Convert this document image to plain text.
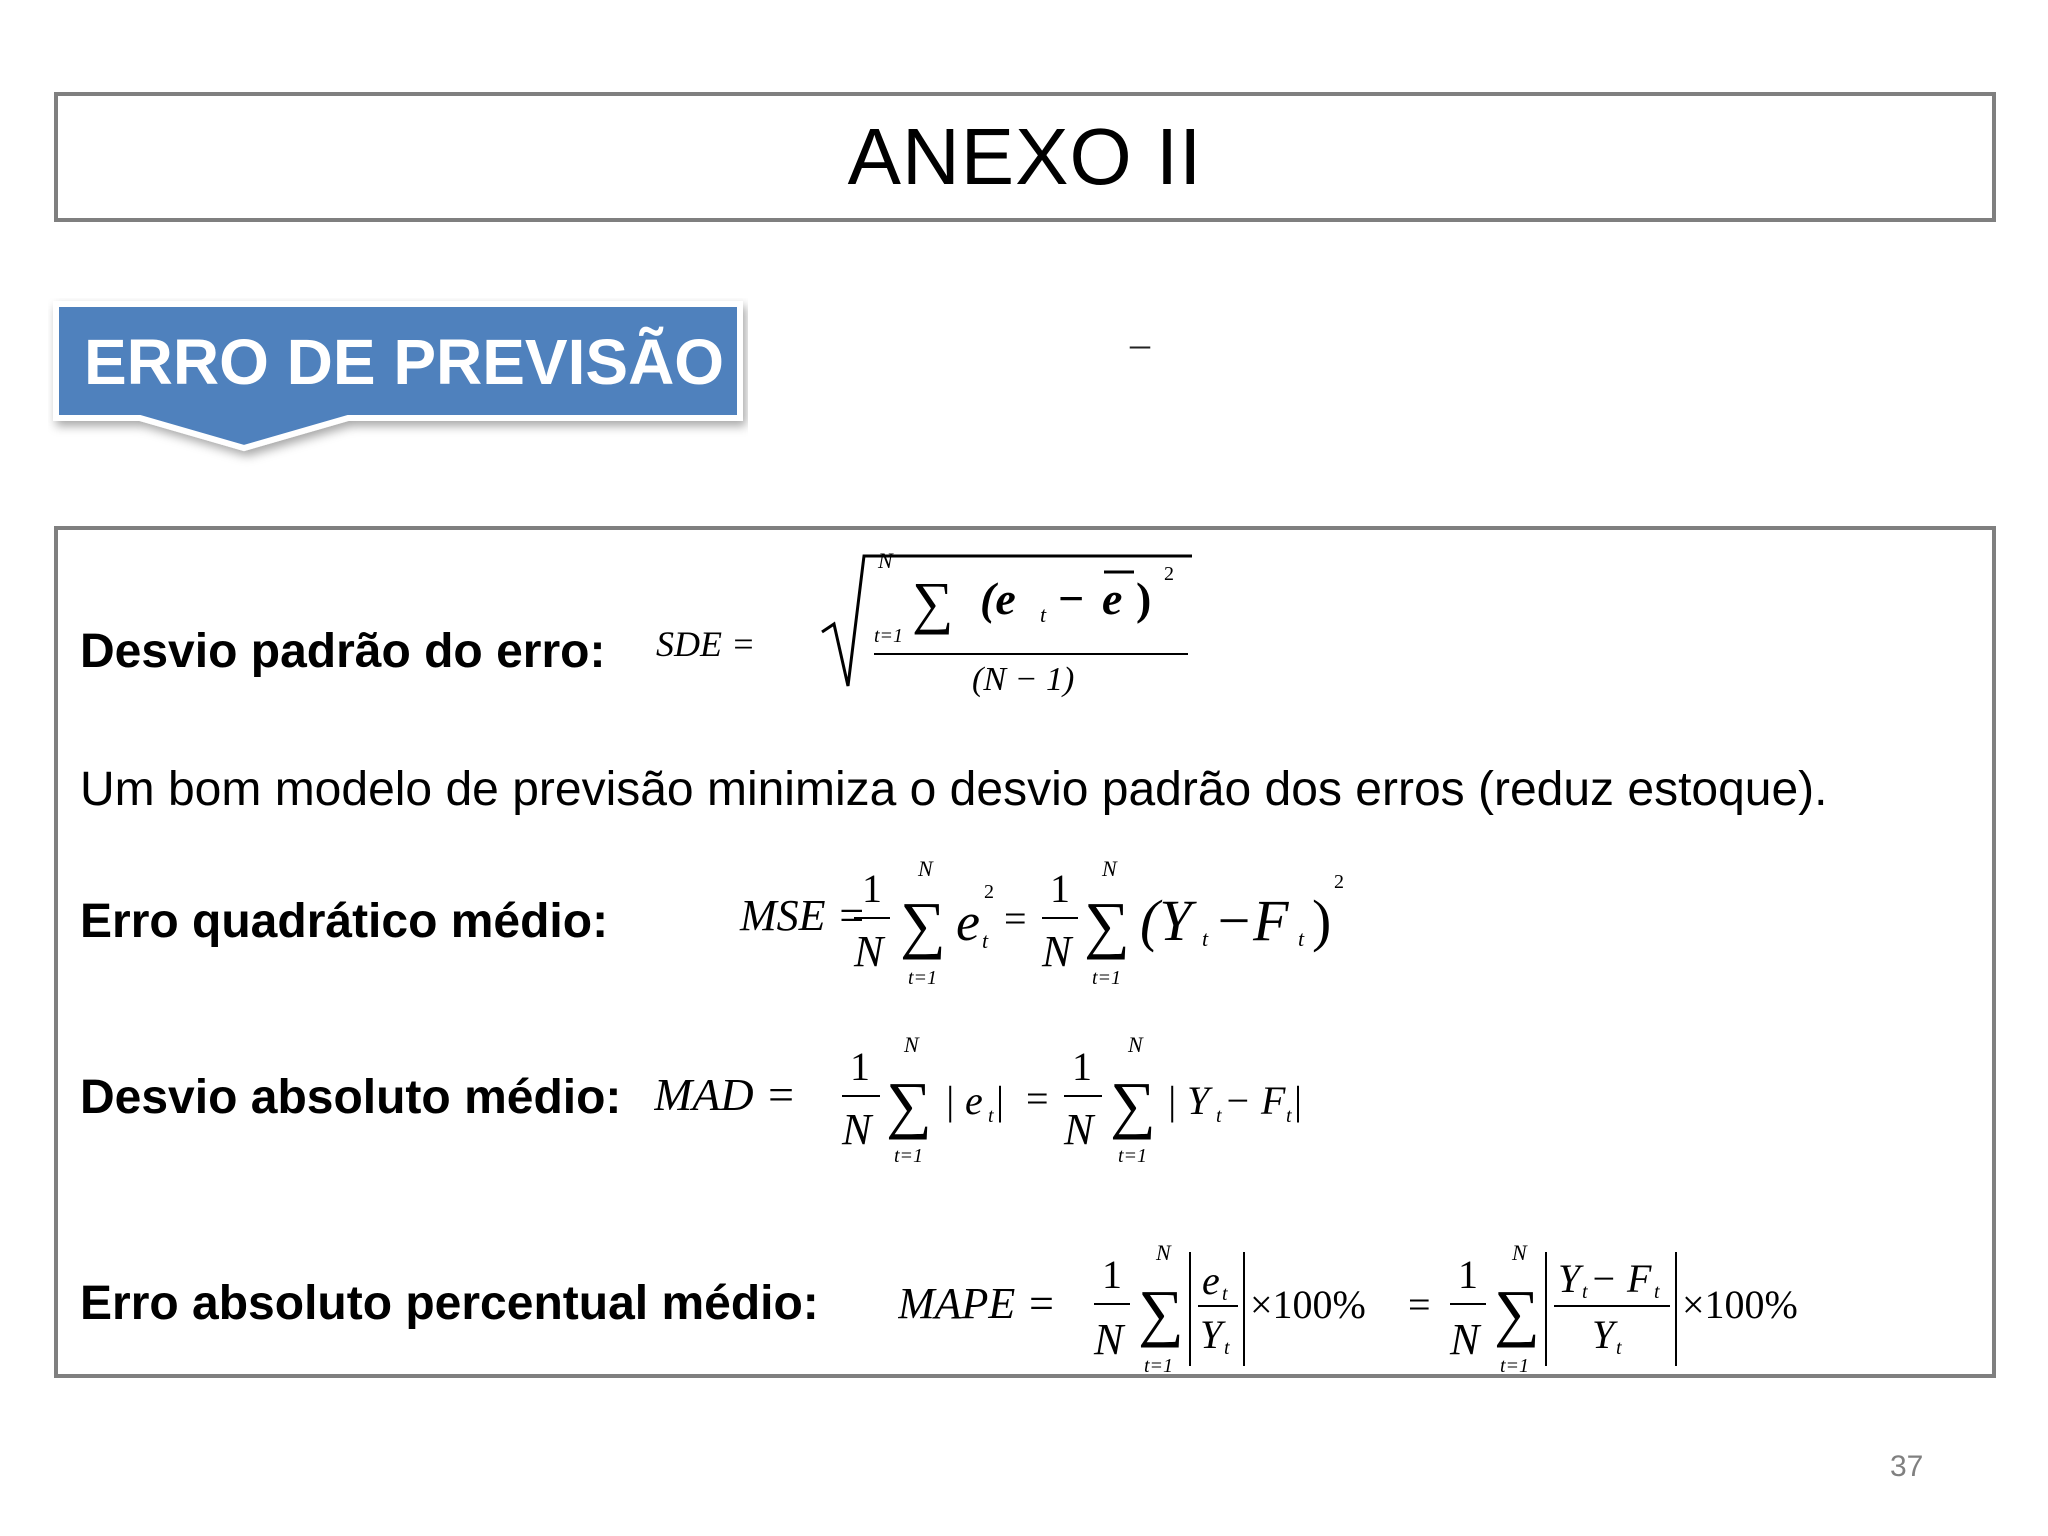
ANEXO II
ERRO DE PREVISÃO	–
Desvio padrão do erro: SDE =
N
∑
t=1
(e t − e ) 2
(N − 1)
Um bom modelo de previsão minimiza o desvio padrão dos erros (reduz estoque).
Erro quadrático médio:	MSE =
1
N
N
∑
t=1
e t
2
=
1
N
N
∑
t=1
(Y t −F t )
2
Desvio absoluto médio: MAD =
1
N
N
∑
t=1
| e t | =
1
N
N
∑
t=1
| Y t − F t |
Erro absoluto percentual médio: MAPE =
1
N
N
∑
t=1
e t
Y t
×100% =
1
N
N
∑
t=1
Y t − F t
Y t
×100%
37
